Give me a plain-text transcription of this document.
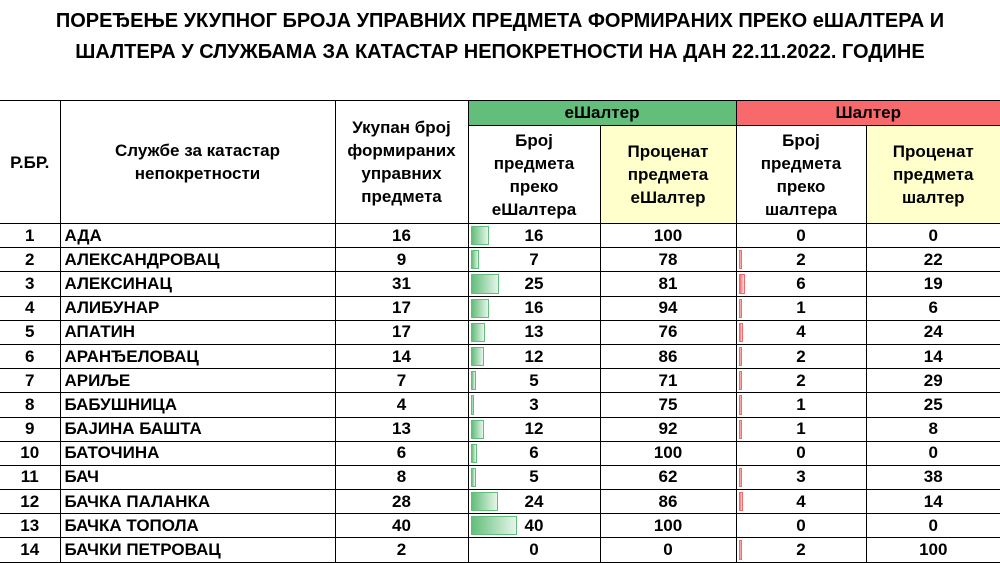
ПОРЕЂЕЊЕ УКУПНОГ БРОЈА УПРАВНИХ ПРЕДМЕТА ФОРМИРАНИХ ПРЕКО еШАЛТЕРА И
ШАЛТЕРА У СЛУЖБАМА ЗА КАТАСТАР НЕПОКРЕТНОСТИ НА ДАН 22.11.2022. ГОДИНЕ
Р.БР.	Службе за катастар непокретности	Укупан број формираних управних предмета	еШалтер		Шалтер	
			Број предмета преко еШалтера	Проценат предмета еШалтер	Број предмета преко шалтера	Проценат предмета шалтер
1	АДА	16	16	100	0	0
2	АЛЕКСАНДРОВАЦ	9	7	78	2	22
3	АЛЕКСИНАЦ	31	25	81	6	19
4	АЛИБУНАР	17	16	94	1	6
5	АПАТИН	17	13	76	4	24
6	АРАНЂЕЛОВАЦ	14	12	86	2	14
7	АРИЉЕ	7	5	71	2	29
8	БАБУШНИЦА	4	3	75	1	25
9	БАЈИНА БАШТА	13	12	92	1	8
10	БАТОЧИНА	6	6	100	0	0
11	БАЧ	8	5	62	3	38
12	БАЧКА ПАЛАНКА	28	24	86	4	14
13	БАЧКА ТОПОЛА	40	40	100	0	0
14	БАЧКИ ПЕТРОВАЦ	2	0	0	2	100
